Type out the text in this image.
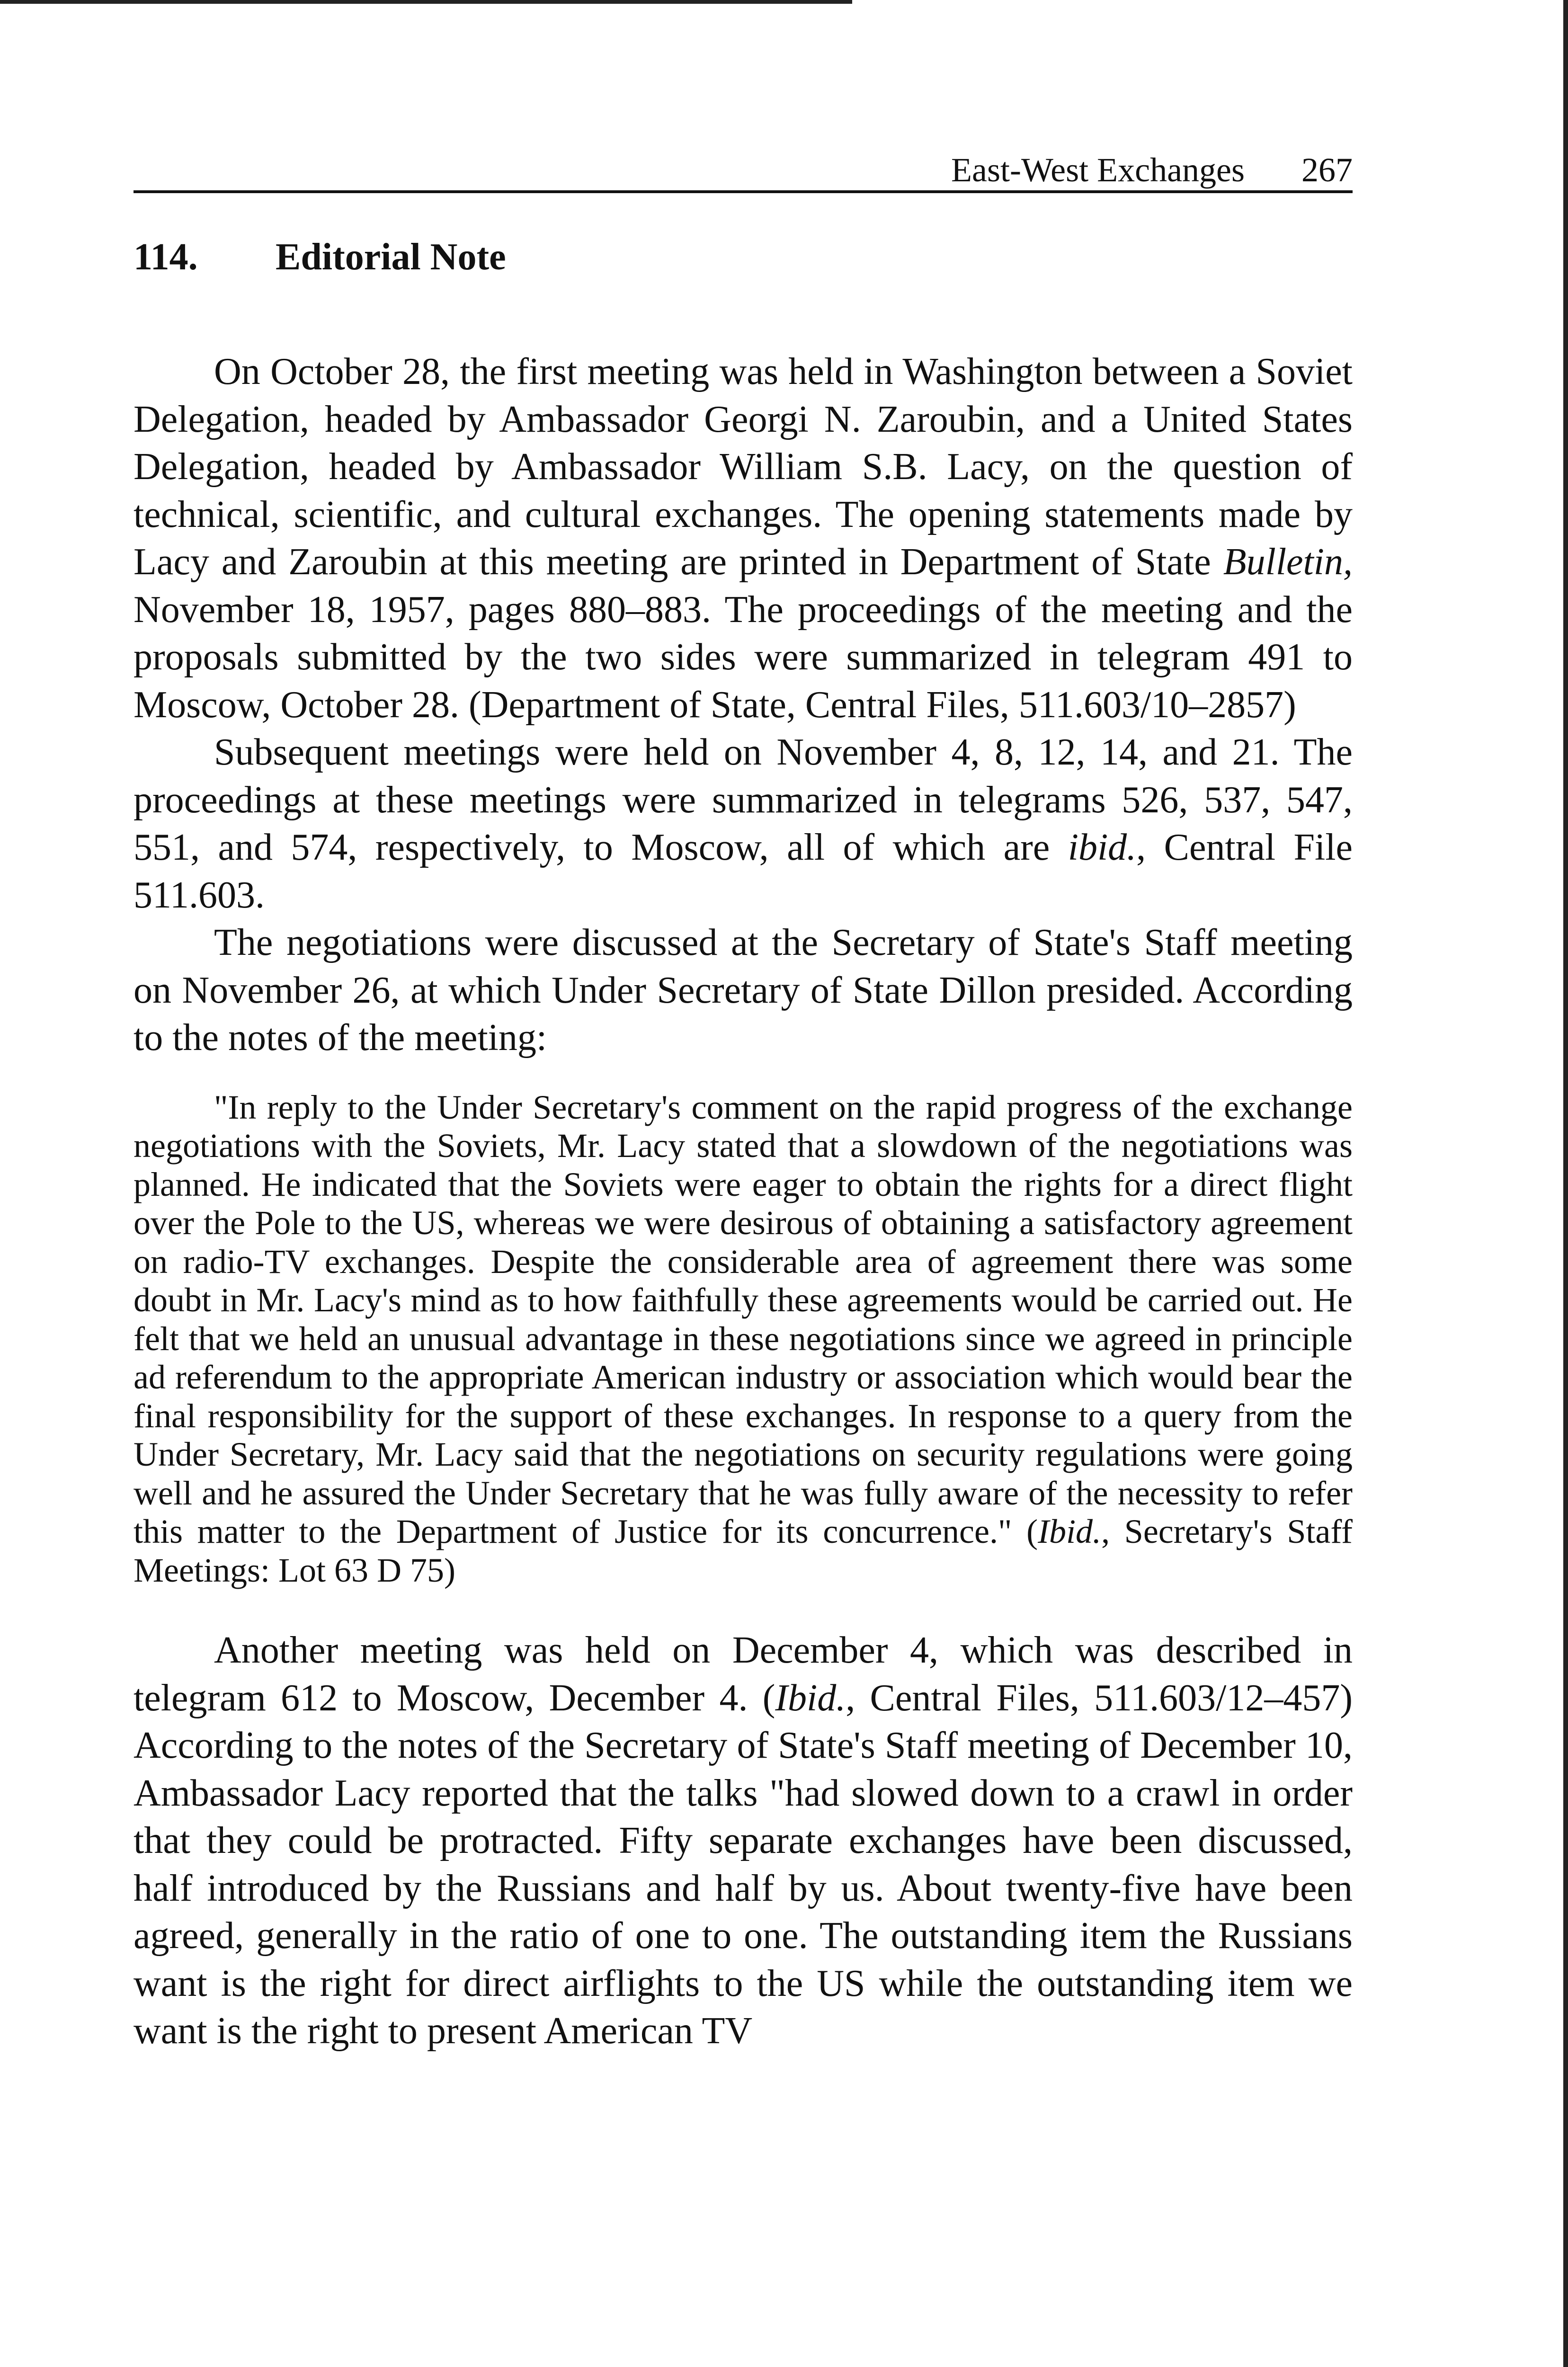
East-West Exchanges 267
114. Editorial Note

On October 28, the first meeting was held in Washington between a Soviet Delegation, headed by Ambassador Georgi N. Zaroubin, and a United States Delegation, headed by Ambassador William S.B. Lacy, on the question of technical, scientific, and cultural exchanges. The opening statements made by Lacy and Zaroubin at this meeting are printed in Department of State Bulletin, November 18, 1957, pages 880–883. The proceedings of the meeting and the proposals submitted by the two sides were summarized in telegram 491 to Moscow, October 28. (Department of State, Central Files, 511.603/10–2857)

Subsequent meetings were held on November 4, 8, 12, 14, and 21. The proceedings at these meetings were summarized in telegrams 526, 537, 547, 551, and 574, respectively, to Moscow, all of which are ibid., Central File 511.603.

The negotiations were discussed at the Secretary of State's Staff meeting on November 26, at which Under Secretary of State Dillon presided. According to the notes of the meeting:

"In reply to the Under Secretary's comment on the rapid progress of the exchange negotiations with the Soviets, Mr. Lacy stated that a slowdown of the negotiations was planned. He indicated that the Soviets were eager to obtain the rights for a direct flight over the Pole to the US, whereas we were desirous of obtaining a satisfactory agreement on radio-TV exchanges. Despite the considerable area of agreement there was some doubt in Mr. Lacy's mind as to how faithfully these agreements would be carried out. He felt that we held an unusual advantage in these negotiations since we agreed in principle ad referendum to the appropriate American industry or association which would bear the final responsibility for the support of these exchanges. In response to a query from the Under Secretary, Mr. Lacy said that the negotiations on security regulations were going well and he assured the Under Secretary that he was fully aware of the necessity to refer this matter to the Department of Justice for its concurrence." (Ibid., Secretary's Staff Meetings: Lot 63 D 75)

Another meeting was held on December 4, which was described in telegram 612 to Moscow, December 4. (Ibid., Central Files, 511.603/12–457) According to the notes of the Secretary of State's Staff meeting of December 10, Ambassador Lacy reported that the talks "had slowed down to a crawl in order that they could be protracted. Fifty separate exchanges have been discussed, half introduced by the Russians and half by us. About twenty-five have been agreed, generally in the ratio of one to one. The outstanding item the Russians want is the right for direct airflights to the US while the outstanding item we want is the right to present American TV
